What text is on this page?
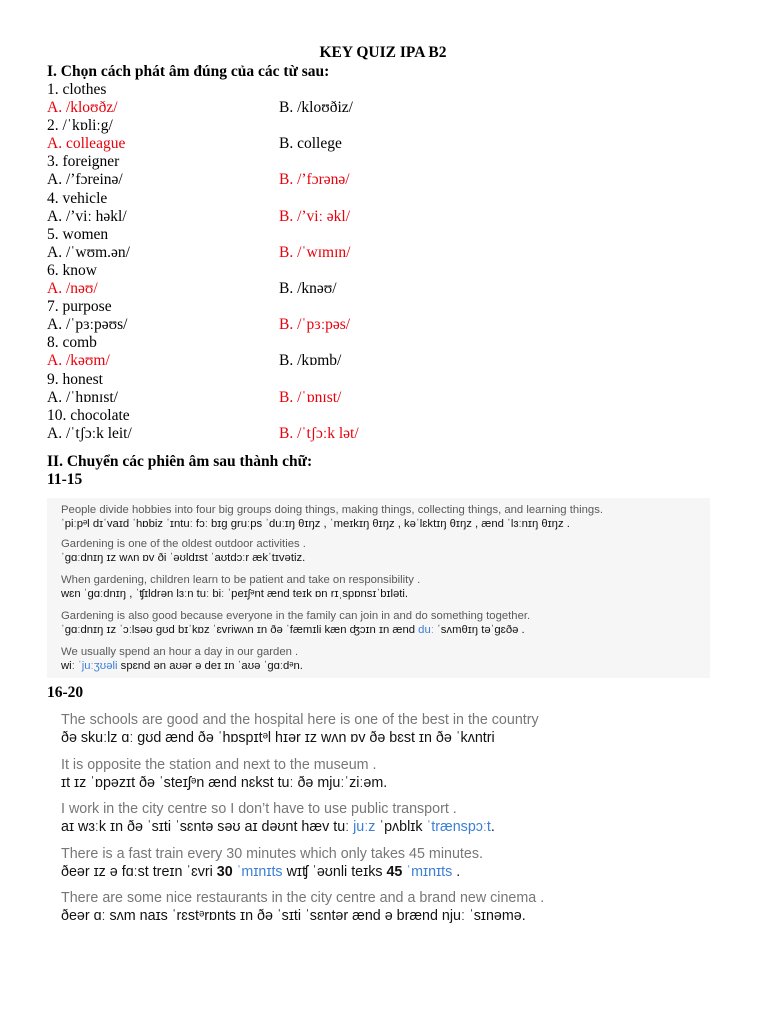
KEY QUIZ IPA B2
I. Chọn cách phát âm đúng của các từ sau:
1. clothes
A. /kloʊðz/	B. /kloʊðiz/
2. /ˈkɒliːg/
A. colleague	B. college
3. foreigner
A. /’fɔreinə/	B. /’fɔrənə/
4. vehicle
A. /’viː həkl/	B. /’viː əkl/
5. women
A. /ˈwʊm.ən/	B. /ˈwɪmɪn/
6. know
A. /nəʊ/	B. /knəʊ/
7. purpose
A. /ˈpɜːpəʊs/	B. /ˈpɜːpəs/
8. comb
A. /kəʊm/	B. /kɒmb/
9. honest
A. /ˈhɒnɪst/	B. /ˈɒnɪst/
10. chocolate
A. /ˈtʃɔːk leit/	B. /ˈtʃɔːk lət/
II. Chuyển các phiên âm sau thành chữ:
11-15
People divide hobbies into four big groups doing things, making things, collecting things, and learning things.
ˈpiːpᵊl dɪˈvaɪd ˈhɒbiz ˈɪntuː fɔː bɪg ɡruːps ˈduːɪŋ θɪŋz , ˈmeɪkɪŋ θɪŋz , kəˈlɛktɪŋ θɪŋz , ænd ˈlɜːnɪŋ θɪŋz .
Gardening is one of the oldest outdoor activities .
ˈɡɑːdnɪŋ ɪz wʌn ɒv ði ˈəʊldɪst ˈaʊtdɔːr ækˈtɪvətiz.
When gardening, children learn to be patient and take on responsibility .
wɛn ˈɡɑːdnɪŋ , ˈʧɪldrən lɜːn tuː biː ˈpeɪʃᵊnt ænd teɪk ɒn rɪˌspɒnsɪˈbɪləti.
Gardening is also good because everyone in the family can join in and do something together.
ˈɡɑːdnɪŋ ɪz ˈɔːlsəʊ ɡʊd bɪˈkɒz ˈɛvriwʌn ɪn ðə ˈfæmɪli kæn ʤɔɪn ɪn ænd duː ˈsʌmθɪŋ təˈɡɛðə .
We usually spend an hour a day in our garden .
wiː ˈjuːʒʊəli spɛnd ən aʊər ə deɪ ɪn ˈaʊə ˈɡɑːdᵊn.
16-20
The schools are good and the hospital here is one of the best in the country
ðə skuːlz ɑː ɡʊd ænd ðə ˈhɒspɪtᵊl hɪər ɪz wʌn ɒv ðə bɛst ɪn ðə ˈkʌntri
It is opposite the station and next to the museum .
ɪt ɪz ˈɒpəzɪt ðə ˈsteɪʃᵊn ænd nɛkst tuː ðə mjuːˈziːəm.
I work in the city centre so I don’t have to use public transport .
aɪ wɜːk ɪn ðə ˈsɪti ˈsɛntə səʊ aɪ dəʊnt hæv tuː juːz ˈpʌblɪk ˈtrænspɔːt.
There is a fast train every 30 minutes which only takes 45 minutes.
ðeər ɪz ə fɑːst treɪn ˈɛvri 30 ˈmɪnɪts wɪʧ ˈəʊnli teɪks 45 ˈmɪnɪts .
There are some nice restaurants in the city centre and a brand new cinema .
ðeər ɑː sʌm naɪs ˈrɛstᵊrɒnts ɪn ðə ˈsɪti ˈsɛntər ænd ə brænd njuː ˈsɪnəmə.
